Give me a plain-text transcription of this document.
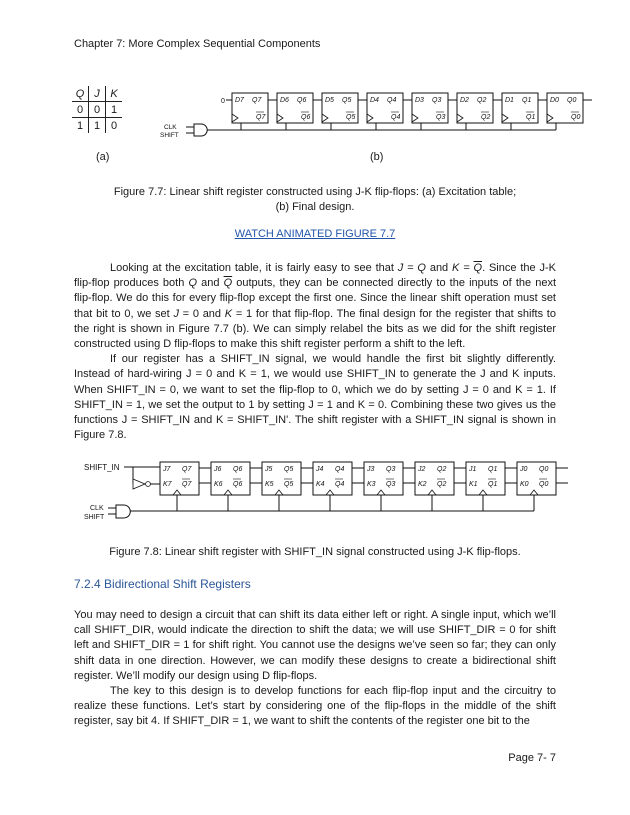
Chapter 7: More Complex Sequential Components
Q	J	K
0	0	1
1	1	0
0 D7 Q7
Q7
D6 Q6
Q6
D5 Q5
Q5
D4 Q4
Q4
D3 Q3
Q3
D2 Q2
Q2
D1 Q1
Q1
D0 Q0
Q0
CLK
SHIFT
(a)	(b)
Figure 7.7: Linear shift register constructed using J-K flip-flops: (a) Excitation table;
(b) Final design.
WATCH ANIMATED FIGURE 7.7

Looking at the excitation table, it is fairly easy to see that J = Q and $K = \overline{Q}$. Since the J-K flip-flop produces both Q and $\overline{Q}$ outputs, they can be connected directly to the inputs of the next flip-flop. We do this for every flip-flop except the first one. Since the linear shift operation must set that bit to 0, we set J = 0 and K = 1 for that flip-flop. The final design for the register that shifts to the right is shown in Figure 7.7 (b). We can simply relabel the bits as we did for the shift register constructed using D flip-flops to make this shift register perform a shift to the left.

If our register has a SHIFT_IN signal, we would handle the first bit slightly differently. Instead of hard-wiring J = 0 and K = 1, we would use SHIFT_IN to generate the J and K inputs. When SHIFT_IN = 0, we want to set the flip-flop to 0, which we do by setting J = 0 and K = 1. If SHIFT_IN = 1, we set the output to 1 by setting J = 1 and K = 0. Combining these two gives us the functions J = SHIFT_IN and K = SHIFT_IN'. The shift register with a SHIFT_IN signal is shown in Figure 7.8.

SHIFT_IN	J7 Q7
K7 Q7
J6 Q6
K6 Q6
J5 Q5
K5 Q5
J4 Q4
K4 Q4
J3 Q3
K3 Q3
J2 Q2
K2 Q2
J1 Q1
K1 Q1
J0 Q0
K0 Q0
CLK
SHIFT
Figure 7.8: Linear shift register with SHIFT_IN signal constructed using J-K flip-flops.
7.2.4 Bidirectional Shift Registers

You may need to design a circuit that can shift its data either left or right. A single input, which we’ll call SHIFT_DIR, would indicate the direction to shift the data; we will use SHIFT_DIR = 0 for shift left and SHIFT_DIR = 1 for shift right. You cannot use the designs we’ve seen so far; they can only shift data in one direction. However, we can modify these designs to create a bidirectional shift register. We’ll modify our design using D flip-flops.

The key to this design is to develop functions for each flip-flop input and the circuitry to realize these functions. Let’s start by considering one of the flip-flops in the middle of the shift register, say bit 4. If SHIFT_DIR = 1, we want to shift the contents of the register one bit to the

Page 7- 7
